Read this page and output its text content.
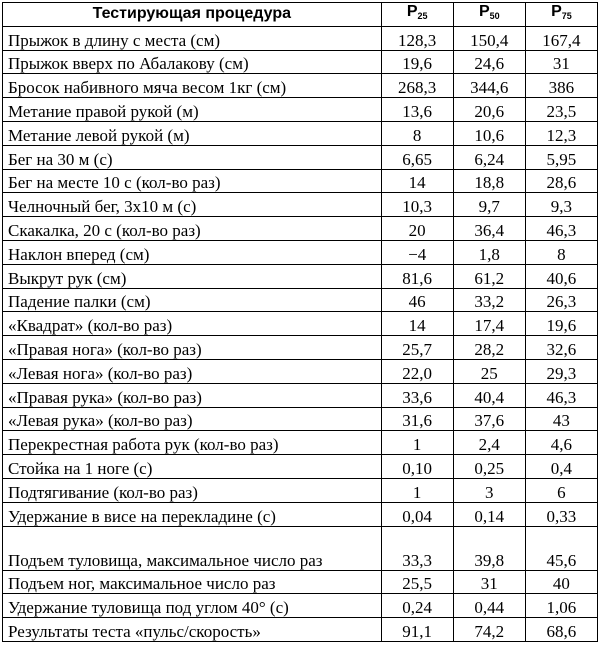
Тестирующая процедура	$P_{25}$	$P_{50}$	$P_{75}$
Прыжок в длину с места (см)	128,3	150,4	167,4
Прыжок вверх по Абалакову (см)	19,6	24,6	31
Бросок набивного мяча весом 1кг (см)	268,3	344,6	386
Метание правой рукой (м)	13,6	20,6	23,5
Метание левой рукой (м)	8	10,6	12,3
Бег на 30 м (с)	6,65	6,24	5,95
Бег на месте 10 с (кол-во раз)	14	18,8	28,6
Челночный бег, 3х10 м (с)	10,3	9,7	9,3
Скакалка, 20 с (кол-во раз)	20	36,4	46,3
Наклон вперед (см)	−4	1,8	8
Выкрут рук (см)	81,6	61,2	40,6
Падение палки (см)	46	33,2	26,3
«Квадрат» (кол-во раз)	14	17,4	19,6
«Правая нога» (кол-во раз)	25,7	28,2	32,6
«Левая нога» (кол-во раз)	22,0	25	29,3
«Правая рука» (кол-во раз)	33,6	40,4	46,3
«Левая рука» (кол-во раз)	31,6	37,6	43
Перекрестная работа рук (кол-во раз)	1	2,4	4,6
Стойка на 1 ноге (с)	0,10	0,25	0,4
Подтягивание (кол-во раз)	1	3	6
Удержание в висе на перекладине (с)	0,04	0,14	0,33
Подъем туловища, максимальное число раз	33,3	39,8	45,6
Подъем ног, максимальное число раз	25,5	31	40
Удержание туловища под углом 40° (с)	0,24	0,44	1,06
Результаты теста «пульс/скорость»	91,1	74,2	68,6
